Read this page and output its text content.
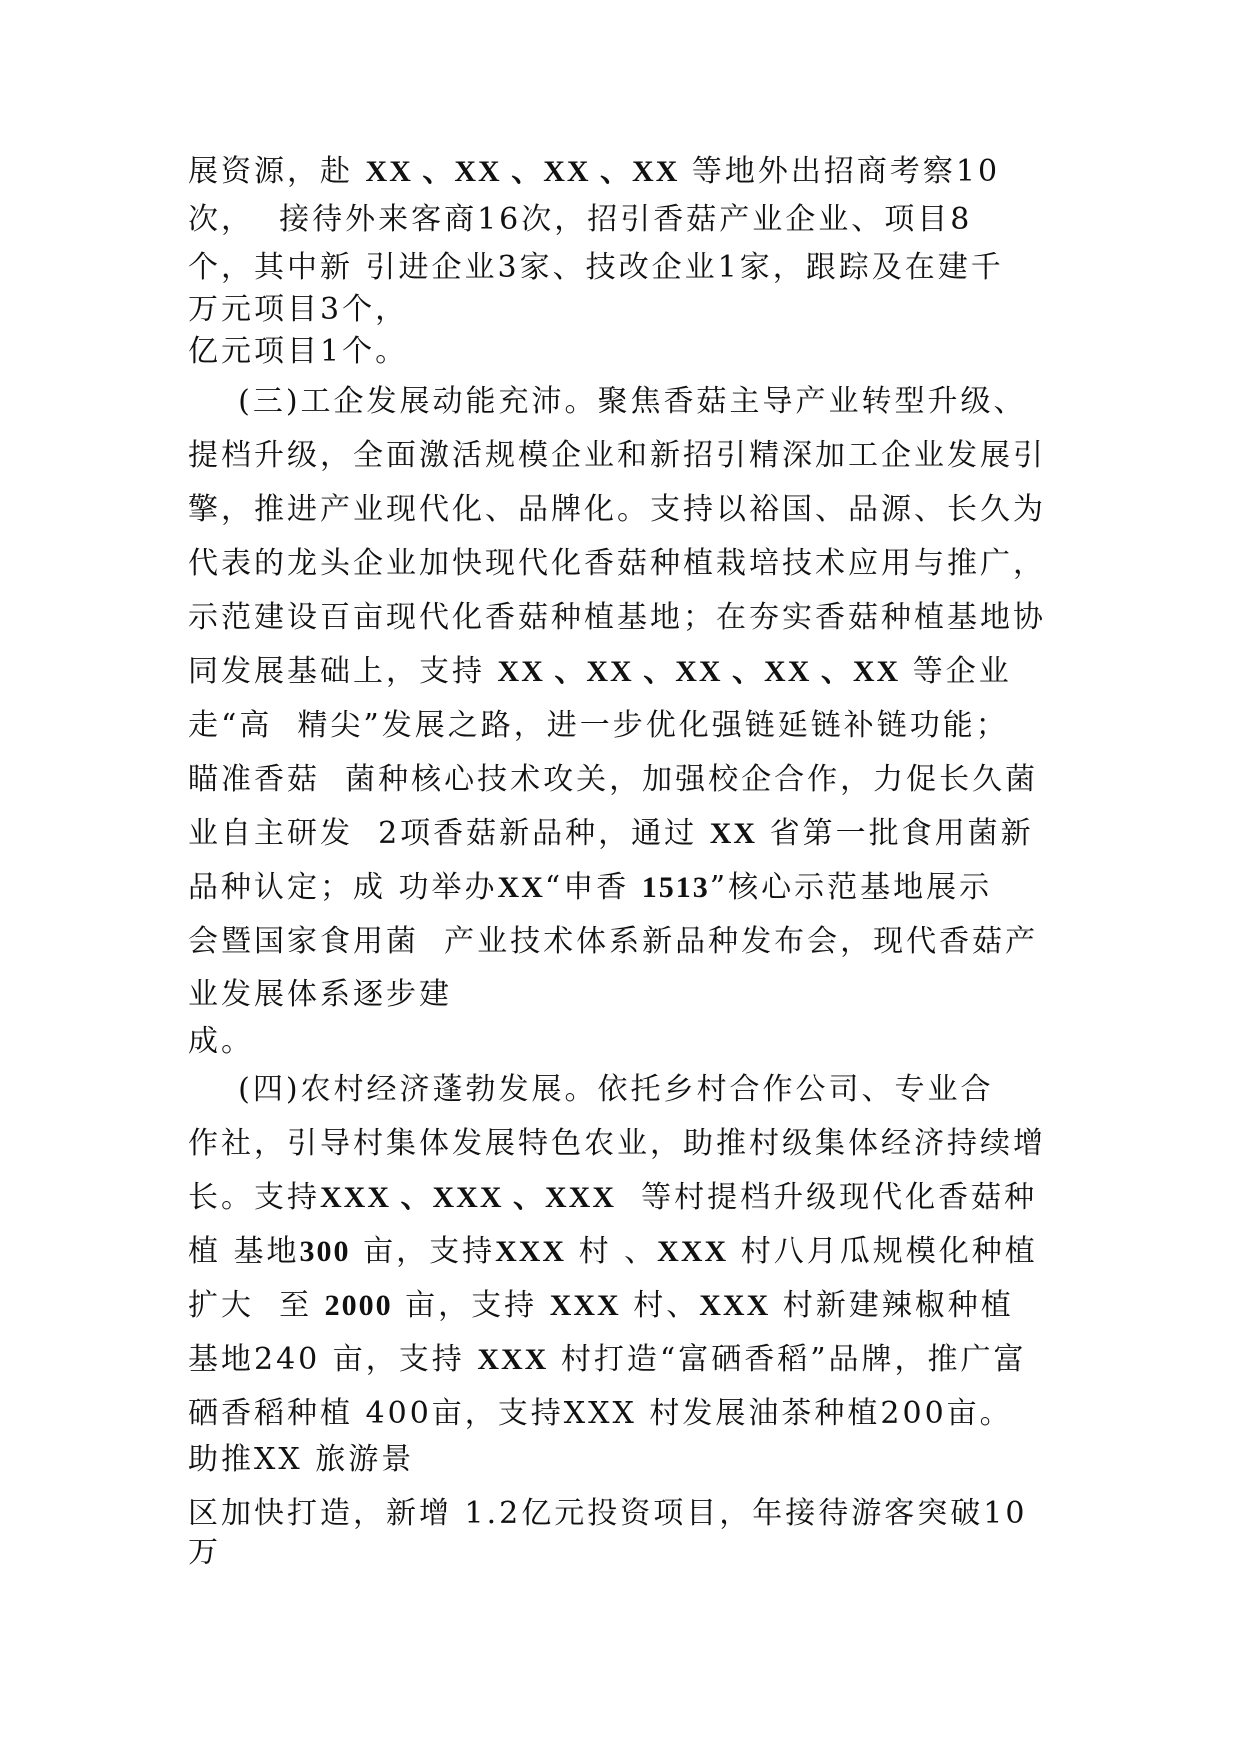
展资源，赴 XX 、XX 、XX 、XX 等地外出招商考察10
次，  接待外来客商16次，招引香菇产业企业、项目8
个，其中新 引进企业3家、技改企业1家，跟踪及在建千
万元项目3个，
亿元项目1个。
(三)工企发展动能充沛。聚焦香菇主导产业转型升级、
提档升级，全面激活规模企业和新招引精深加工企业发展引
擎，推进产业现代化、品牌化。支持以裕国、品源、长久为
代表的龙头企业加快现代化香菇种植栽培技术应用与推广，
示范建设百亩现代化香菇种植基地；在夯实香菇种植基地协
同发展基础上，支持 XX 、XX 、XX 、XX 、XX 等企业
走“高  精尖”发展之路，进一步优化强链延链补链功能；
瞄准香菇  菌种核心技术攻关，加强校企合作，力促长久菌
业自主研发  2项香菇新品种，通过 XX 省第一批食用菌新
品种认定；成 功举办XX“申香 1513”核心示范基地展示
会暨国家食用菌  产业技术体系新品种发布会，现代香菇产
业发展体系逐步建
成。
(四)农村经济蓬勃发展。依托乡村合作公司、专业合
作社，引导村集体发展特色农业，助推村级集体经济持续增
长。支持XXX 、XXX 、XXX  等村提档升级现代化香菇种
植 基地300 亩，支持XXX 村 、XXX 村八月瓜规模化种植
扩大  至 2000 亩，支持 XXX 村、XXX 村新建辣椒种植
基地240 亩，支持 XXX 村打造“富硒香稻”品牌，推广富
硒香稻种植 400亩，支持XXX 村发展油茶种植200亩。
助推XX 旅游景
区加快打造，新增 1.2亿元投资项目，年接待游客突破10
万
